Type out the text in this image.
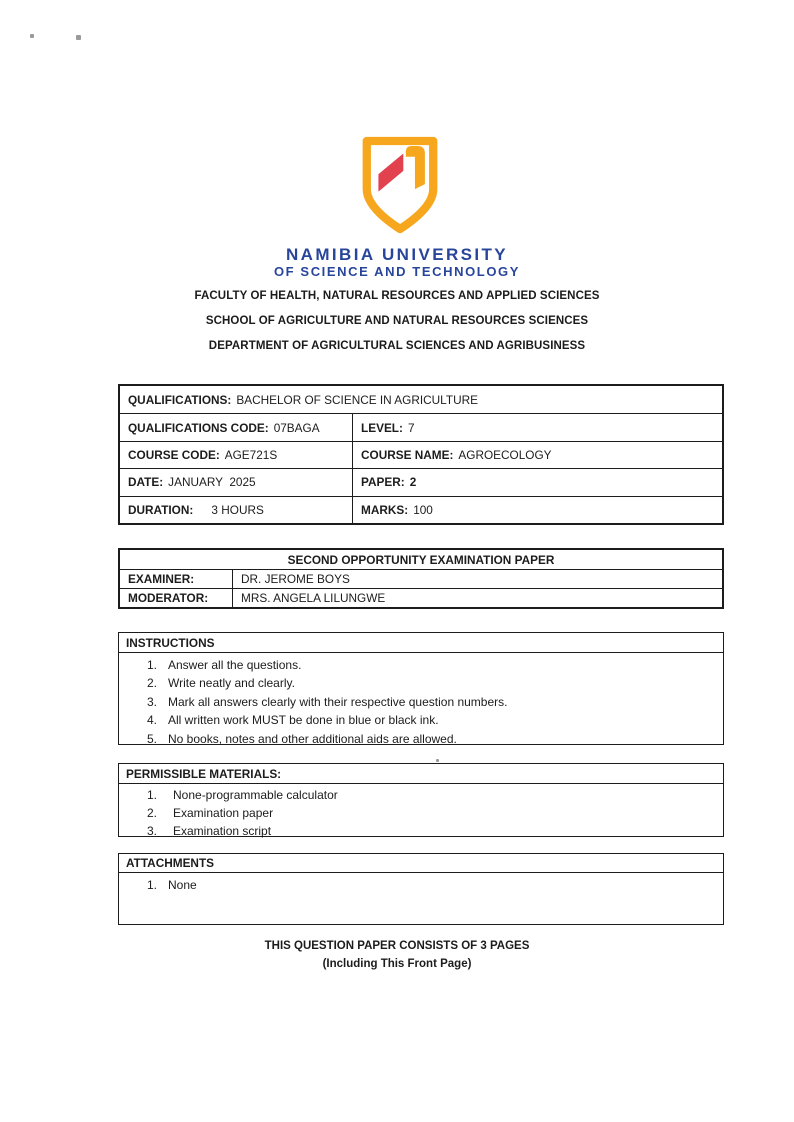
NAMIBIA UNIVERSITY
OF SCIENCE AND TECHNOLOGY
FACULTY OF HEALTH, NATURAL RESOURCES AND APPLIED SCIENCES
SCHOOL OF AGRICULTURE AND NATURAL RESOURCES SCIENCES
DEPARTMENT OF AGRICULTURAL SCIENCES AND AGRIBUSINESS
QUALIFICATIONS: BACHELOR OF SCIENCE IN AGRICULTURE
QUALIFICATIONS CODE: 07BAGA	LEVEL: 7
COURSE CODE: AGE721S	COURSE NAME: AGROECOLOGY
DATE: JANUARY  2025	PAPER: 2
DURATION: 3 HOURS	MARKS: 100
SECOND OPPORTUNITY EXAMINATION PAPER
EXAMINER:	DR. JEROME BOYS
MODERATOR:	MRS. ANGELA LILUNGWE
INSTRUCTIONS
1. Answer all the questions.
2. Write neatly and clearly.
3. Mark all answers clearly with their respective question numbers.
4. All written work MUST be done in blue or black ink.
5. No books, notes and other additional aids are allowed.
PERMISSIBLE MATERIALS:
1. None-programmable calculator
2. Examination paper
3. Examination script
ATTACHMENTS
1. None
THIS QUESTION PAPER CONSISTS OF 3 PAGES
(Including This Front Page)
